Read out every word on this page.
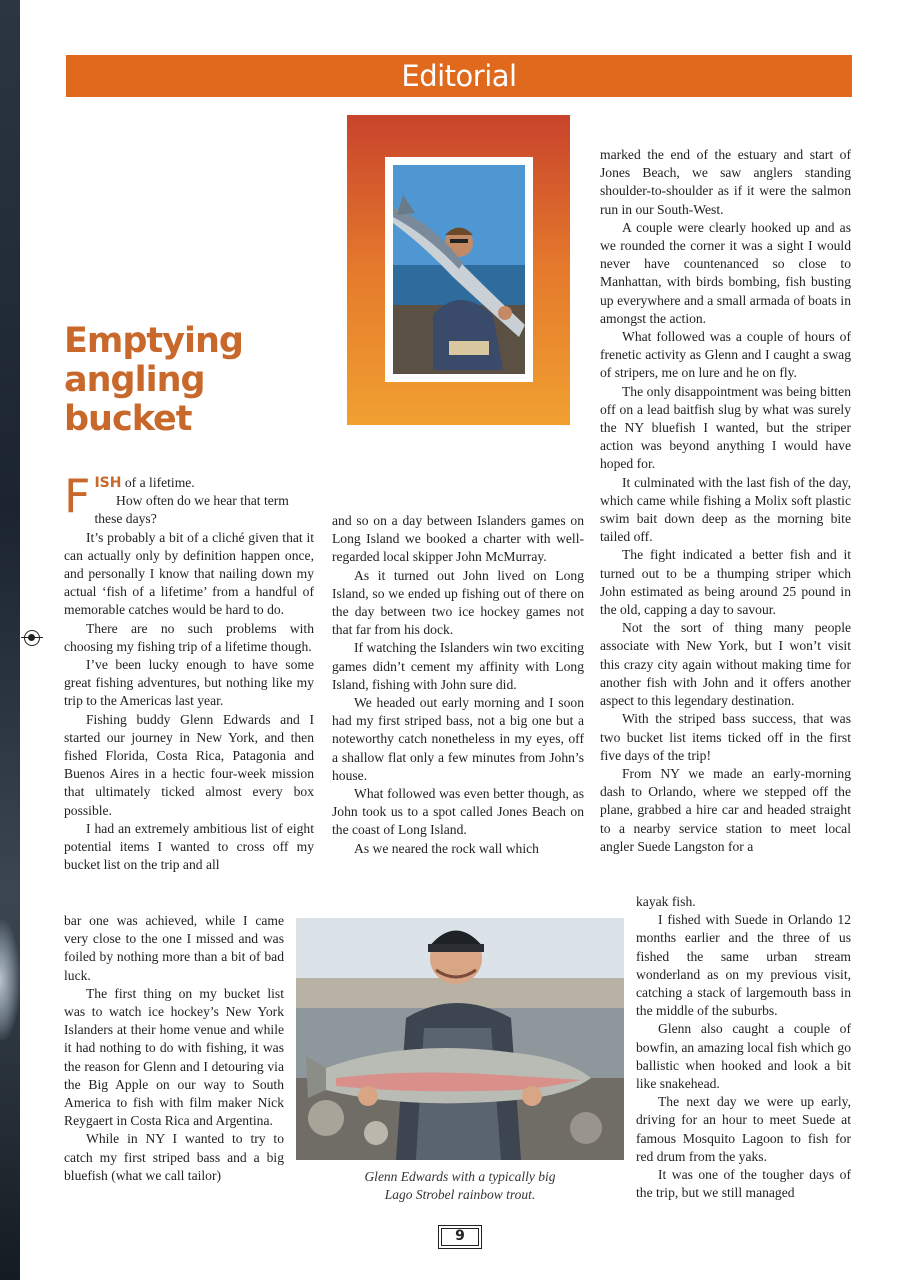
Editorial
Emptying angling bucket

FISH of a lifetime.

How often do we hear that term

these days?

It’s probably a bit of a cliché given that it can actually only by definition happen once, and personally I know that nailing down my actual ‘fish of a lifetime’ from a handful of memorable catches would be hard to do.

There are no such problems with choosing my fishing trip of a lifetime though.

I’ve been lucky enough to have some great fishing adventures, but nothing like my trip to the Americas last year.

Fishing buddy Glenn Edwards and I started our journey in New York, and then fished Florida, Costa Rica, Patagonia and Buenos Aires in a hectic four-week mission that ultimately ticked almost every box possible.

I had an extremely ambitious list of eight potential items I wanted to cross off my bucket list on the trip and all

bar one was achieved, while I came very close to the one I missed and was foiled by nothing more than a bit of bad luck.

The first thing on my bucket list was to watch ice hockey’s New York Islanders at their home venue and while it had nothing to do with fishing, it was the reason for Glenn and I detouring via the Big Apple on our way to South America to fish with film maker Nick Reygaert in Costa Rica and Argentina.

While in NY I wanted to try to catch my first striped bass and a big bluefish (what we call tailor)

and so on a day between Islanders games on Long Island we booked a charter with well-regarded local skipper John McMurray.

As it turned out John lived on Long Island, so we ended up fishing out of there on the day between two ice hockey games not that far from his dock.

If watching the Islanders win two exciting games didn’t cement my affinity with Long Island, fishing with John sure did.

We headed out early morning and I soon had my first striped bass, not a big one but a noteworthy catch nonetheless in my eyes, off a shallow flat only a few minutes from John’s house.

What followed was even better though, as John took us to a spot called Jones Beach on the coast of Long Island.

As we neared the rock wall which

marked the end of the estuary and start of Jones Beach, we saw anglers standing shoulder-to-shoulder as if it were the salmon run in our South-West.

A couple were clearly hooked up and as we rounded the corner it was a sight I would never have countenanced so close to Manhattan, with birds bombing, fish busting up everywhere and a small armada of boats in amongst the action.

What followed was a couple of hours of frenetic activity as Glenn and I caught a swag of stripers, me on lure and he on fly.

The only disappointment was being bitten off on a lead baitfish slug by what was surely the NY bluefish I wanted, but the striper action was beyond anything I would have hoped for.

It culminated with the last fish of the day, which came while fishing a Molix soft plastic swim bait down deep as the morning bite tailed off.

The fight indicated a better fish and it turned out to be a thumping striper which John estimated as being around 25 pound in the old, capping a day to savour.

Not the sort of thing many people associate with New York, but I won’t visit this crazy city again without making time for another fish with John and it offers another aspect to this legendary destination.

With the striped bass success, that was two bucket list items ticked off in the first five days of the trip!

From NY we made an early-morning dash to Orlando, where we stepped off the plane, grabbed a hire car and headed straight to a nearby service station to meet local angler Suede Langston for a

kayak fish.

I fished with Suede in Orlando 12 months earlier and the three of us fished the same urban stream wonderland as on my previous visit, catching a stack of largemouth bass in the middle of the suburbs.

Glenn also caught a couple of bowfin, an amazing local fish which go ballistic when hooked and look a bit like snakehead.

The next day we were up early, driving for an hour to meet Suede at famous Mosquito Lagoon to fish for red drum from the yaks.

It was one of the tougher days of the trip, but we still managed

Glenn Edwards with a typically big
Lago Strobel rainbow trout.
9
